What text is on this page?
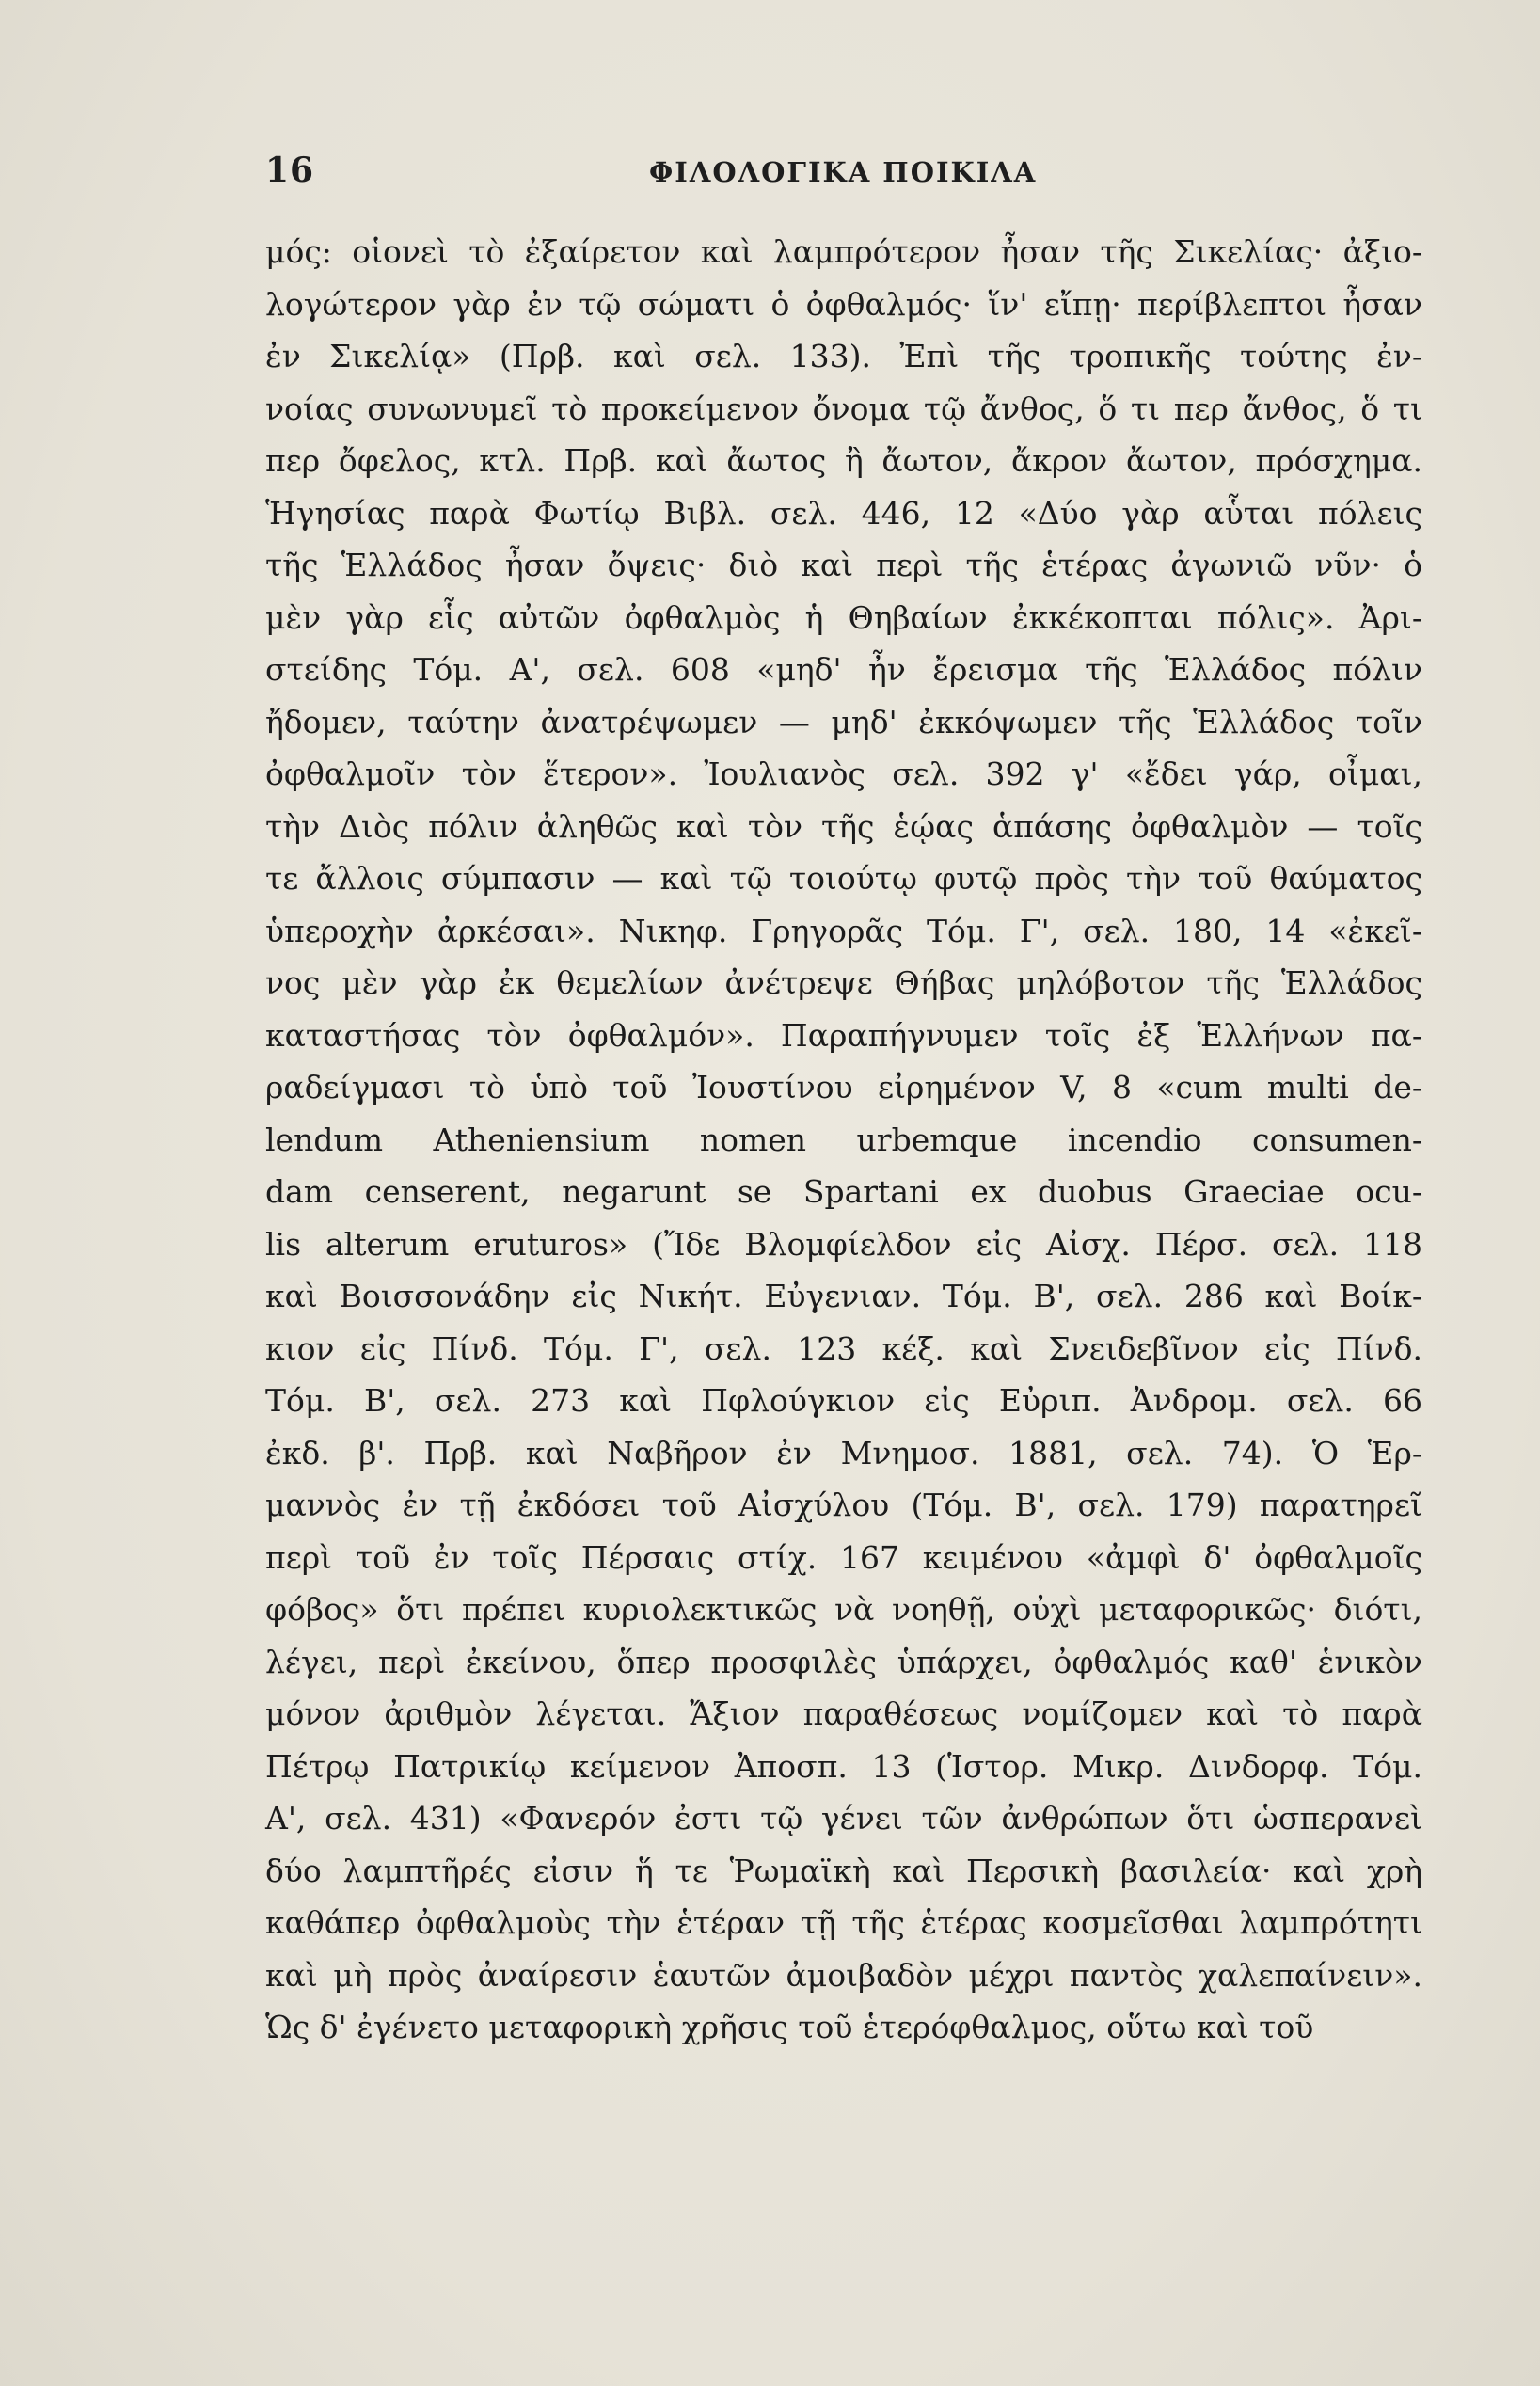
16	ΦΙΛΟΛΟΓΙΚΑ ΠΟΙΚΙΛΑ
μός: οἱονεὶ τὸ ἐξαίρετον καὶ λαμπρότερον ἦσαν τῆς Σικελίας· ἀξιο-
λογώτερον γὰρ ἐν τῷ σώματι ὁ ὀφθαλμός· ἵν' εἴπῃ· περίβλεπτοι ἦσαν
ἐν Σικελίᾳ» (Πρβ. καὶ σελ. 133). Ἐπὶ τῆς τροπικῆς τούτης ἐν-
νοίας συνωνυμεῖ τὸ προκείμενον ὄνομα τῷ ἄνθος, ὅ τι περ ἄνθος, ὅ τι
περ ὄφελος, κτλ. Πρβ. καὶ ἄωτος ἢ ἄωτον, ἄκρον ἄωτον, πρόσχημα.
Ἡγησίας παρὰ Φωτίῳ Βιβλ. σελ. 446, 12 «Δύο γὰρ αὗται πόλεις
τῆς Ἑλλάδος ἦσαν ὄψεις· διὸ καὶ περὶ τῆς ἑτέρας ἀγωνιῶ νῦν· ὁ
μὲν γὰρ εἷς αὐτῶν ὀφθαλμὸς ἡ Θηβαίων ἐκκέκοπται πόλις». Ἀρι-
στείδης Τόμ. Α', σελ. 608 «μηδ' ἦν ἔρεισμα τῆς Ἑλλάδος πόλιν
ἤδομεν, ταύτην ἀνατρέψωμεν — μηδ' ἐκκόψωμεν τῆς Ἑλλάδος τοῖν
ὀφθαλμοῖν τὸν ἕτερον». Ἰουλιανὸς σελ. 392 γ' «ἔδει γάρ, οἶμαι,
τὴν Διὸς πόλιν ἀληθῶς καὶ τὸν τῆς ἑῴας ἁπάσης ὀφθαλμὸν — τοῖς
τε ἄλλοις σύμπασιν — καὶ τῷ τοιούτῳ φυτῷ πρὸς τὴν τοῦ θαύματος
ὑπεροχὴν ἀρκέσαι». Νικηφ. Γρηγορᾶς Τόμ. Γ', σελ. 180, 14 «ἐκεῖ-
νος μὲν γὰρ ἐκ θεμελίων ἀνέτρεψε Θήβας μηλόβοτον τῆς Ἑλλάδος
καταστήσας τὸν ὀφθαλμόν». Παραπήγνυμεν τοῖς ἐξ Ἑλλήνων πα-
ραδείγμασι τὸ ὑπὸ τοῦ Ἰουστίνου εἰρημένον V, 8 «cum multi de-
lendum Atheniensium nomen urbemque incendio consumen-
dam censerent, negarunt se Spartani ex duobus Graeciae ocu-
lis alterum eruturos» (Ἴδε Βλομφίελδον εἰς Αἰσχ. Πέρσ. σελ. 118
καὶ Βοισσονάδην εἰς Νικήτ. Εὐγενιαν. Τόμ. Β', σελ. 286 καὶ Βοίκ-
κιον εἰς Πίνδ. Τόμ. Γ', σελ. 123 κέξ. καὶ Σνειδεβῖνον εἰς Πίνδ.
Τόμ. Β', σελ. 273 καὶ Πφλούγκιον εἰς Εὐριπ. Ἀνδρομ. σελ. 66
ἐκδ. β'. Πρβ. καὶ Ναβῆρον ἐν Μνημοσ. 1881, σελ. 74). Ὁ Ἑρ-
μαννὸς ἐν τῇ ἐκδόσει τοῦ Αἰσχύλου (Τόμ. Β', σελ. 179) παρατηρεῖ
περὶ τοῦ ἐν τοῖς Πέρσαις στίχ. 167 κειμένου «ἀμφὶ δ' ὀφθαλμοῖς
φόβος» ὅτι πρέπει κυριολεκτικῶς νὰ νοηθῇ, οὐχὶ μεταφορικῶς· διότι,
λέγει, περὶ ἐκείνου, ὅπερ προσφιλὲς ὑπάρχει, ὀφθαλμός καθ' ἑνικὸν
μόνον ἀριθμὸν λέγεται. Ἄξιον παραθέσεως νομίζομεν καὶ τὸ παρὰ
Πέτρῳ Πατρικίῳ κείμενον Ἀποσπ. 13 (Ἱστορ. Μικρ. Δινδορφ. Τόμ.
Α', σελ. 431) «Φανερόν ἐστι τῷ γένει τῶν ἀνθρώπων ὅτι ὡσπερανεὶ
δύο λαμπτῆρές εἰσιν ἥ τε Ῥωμαϊκὴ καὶ Περσικὴ βασιλεία· καὶ χρὴ
καθάπερ ὀφθαλμοὺς τὴν ἑτέραν τῇ τῆς ἑτέρας κοσμεῖσθαι λαμπρότητι
καὶ μὴ πρὸς ἀναίρεσιν ἑαυτῶν ἀμοιβαδὸν μέχρι παντὸς χαλεπαίνειν».
Ὡς δ' ἐγένετο μεταφορικὴ χρῆσις τοῦ ἑτερόφθαλμος, οὕτω καὶ τοῦ
